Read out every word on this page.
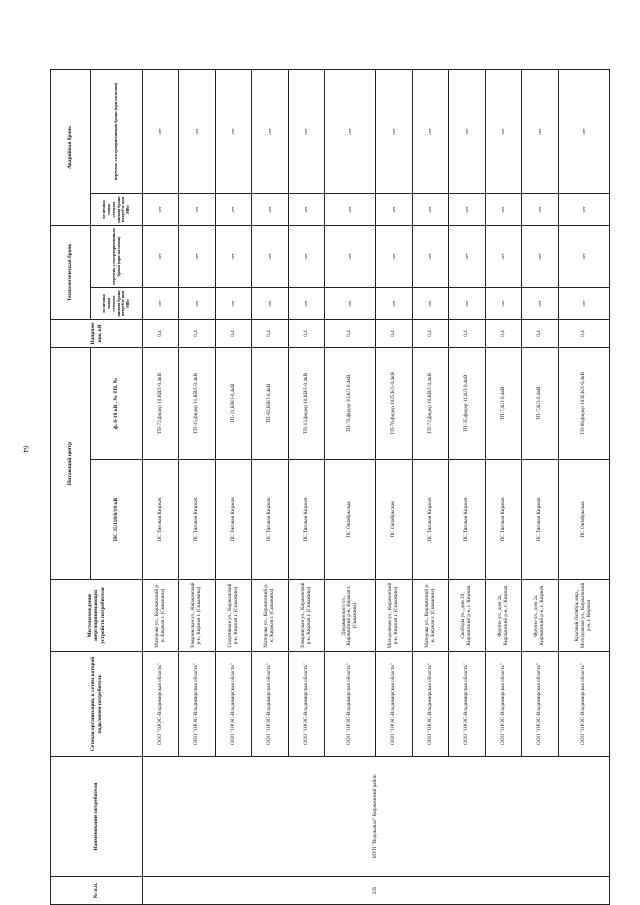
64
№ п.п.	Наименование потребителя	Сетевая организация, к сетям которой подключен потребитель	Местонахождение энергопринимающих устройств потребителя	Питающий центр		Напряже ние, кВ	Технологическая бронь		Аварийная бронь	
				ПС 35/110/6/10 кВ	ф. 6-10 кВ , № ТП, №		величина мощн сетевого ниения бронн потребле ния МВт	перечень электроприемников бронн (при наличии)	величина мощн сетевого ниения бронн потребле ния МВт	перечень электроприемников бронн (при наличии)
335	МУП "Водоканал" Киржачский район	ООО "ОРЭС-Владимирская область"	Матерова ул., Киржачский р-н, Киржач г. (Скважина)	ПС Тяговая Киржач	ТП-72,фидер 10,КВЛ-0,4кВ	0,4	нет	нет	нет	нет
		ООО "ОРЭС-Владимирская область"	Томаринская ул., Киржачский р-н, Киржач г. (Скважина)	ПС Тяговая Киржач	ТП-15,фидер 11,КВЛ-0,4кВ	0,4	нет	нет	нет	нет
		ООО "ОРЭС-Владимирская область"	Спортивная ул., Киржачский р-н, Киржач г. (Скважина)	ПС Тяговая Киржач	ТП-31,КВЛ-0,4кВ	0,4	нет	нет	нет	нет
		ООО "ОРЭС-Владимирская область"	Матерова ул., Киржачский р-н, Киржач г. (Скважина)	ПС Тяговая Киржач	ТП-82,КВЛ-0,4кВ	0,4	нет	нет	нет	нет
		ООО "ОРЭС-Владимирская область"	Томаринская ул., Киржачский р-н, Киржач г. (Скважина)	ПС Тяговая Киржач	ТП-13,фидер 10,КВЛ-0,4кВ	0,4	нет	нет	нет	нет
		ООО "ОРЭС-Владимирская область"	Дзержинского ул., Киржачский р-н, Киржач г. (Скважина)	ПС Октябрьская	ТП-70,фидер 10,КЛ-0,4кВ	0,4	нет	нет	нет	нет
		ООО "ОРЭС-Владимирская область"	Молодежная ул., Киржачский р-н, Киржач г. (Скважина)	ПС Октябрьская	ТП-76,фидер 1025,КЛ-0,4кВ	0,4	нет	нет	нет	нет
		ООО "ОРЭС-Владимирская область"	Матерова ул., Киржачский р-н, Киржач г. (Скважина)	ПС Тяговая Киржач	ТП-72,фидер 10,КВЛ-0,4кВ	0,4	нет	нет	нет	нет
		ООО "ОРЭС-Владимирская область"	Свободы ул., дом 20, Киржачский р-н, г. Киржач	ПС Тяговая Киржач	ТП-35,фидер 11,КЛ-0,4кВ	0,4	нет	нет	нет	нет
		ООО "ОРЭС-Владимирская область"	Фрунзе ул., дом 2а, Киржачский р-н, г. Киржач	ПС Тяговая Киржач	ТП-7,КЛ-0,4кВ	0,4	нет	нет	нет	нет
		ООО "ОРЭС-Владимирская область"	Фрунзе ул., дом 2а, Киржачский р-н, г. Киржач	ПС Тяговая Киржач	ТП-7,КЛ-0,4кВ	0,4	нет	нет	нет	нет
		ООО "ОРЭС-Владимирская область"	Красный Октябрь мкр., Молодежная ул., Киржачский р-н, г. Киржач	ПС Октябрьская	ТП-88,фидер 1036,КЛ-0,4кВ	0,4	нет	нет	нет	нет
